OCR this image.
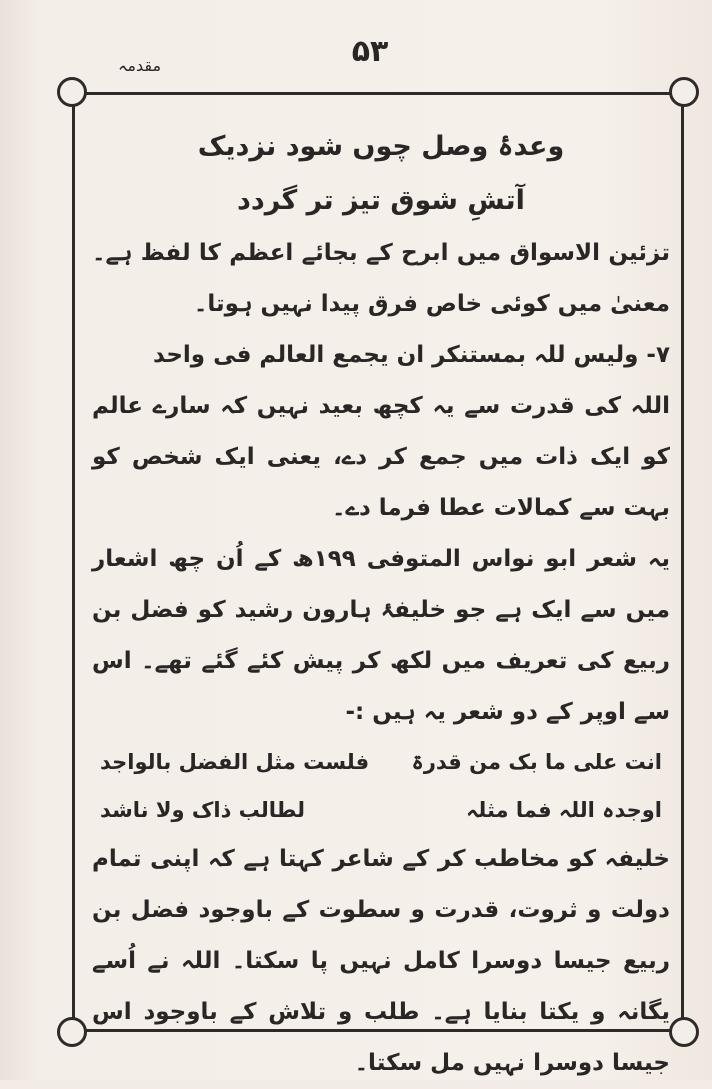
مقدمہ	۵۳

وعدۂ وصل چوں شود نزدیک

آتشِ شوق تیز تر گردد

تزئین الاسواق میں ابرح کے بجائے اعظم کا لفظ ہے۔ معنیٰ میں کوئی خاص فرق پیدا نہیں ہوتا۔

۷- ولیس للہ بمستنکر ان یجمع العالم فی واحد

اللہ کی قدرت سے یہ کچھ بعید نہیں کہ سارے عالم کو ایک ذات میں جمع کر دے، یعنی ایک شخص کو بہت سے کمالات عطا فرما دے۔

یہ شعر ابو نواس المتوفی ۱۹۹ھ کے اُن چھ اشعار میں سے ایک ہے جو خلیفۂ ہارون رشید کو فضل بن ربیع کی تعریف میں لکھ کر پیش کئے گئے تھے۔ اس سے اوپر کے دو شعر یہ ہیں :-

انت علی ما بک من قدرۃ
فلست مثل الفضل بالواجد
اوجدہ اللہ فما مثلہ
لطالب ذاک ولا ناشد

خلیفہ کو مخاطب کر کے شاعر کہتا ہے کہ اپنی تمام دولت و ثروت، قدرت و سطوت کے باوجود فضل بن ربیع جیسا دوسرا کامل نہیں پا سکتا۔ اللہ نے اُسے یگانہ و یکتا بنایا ہے۔ طلب و تلاش کے باوجود اس جیسا دوسرا نہیں مل سکتا۔
